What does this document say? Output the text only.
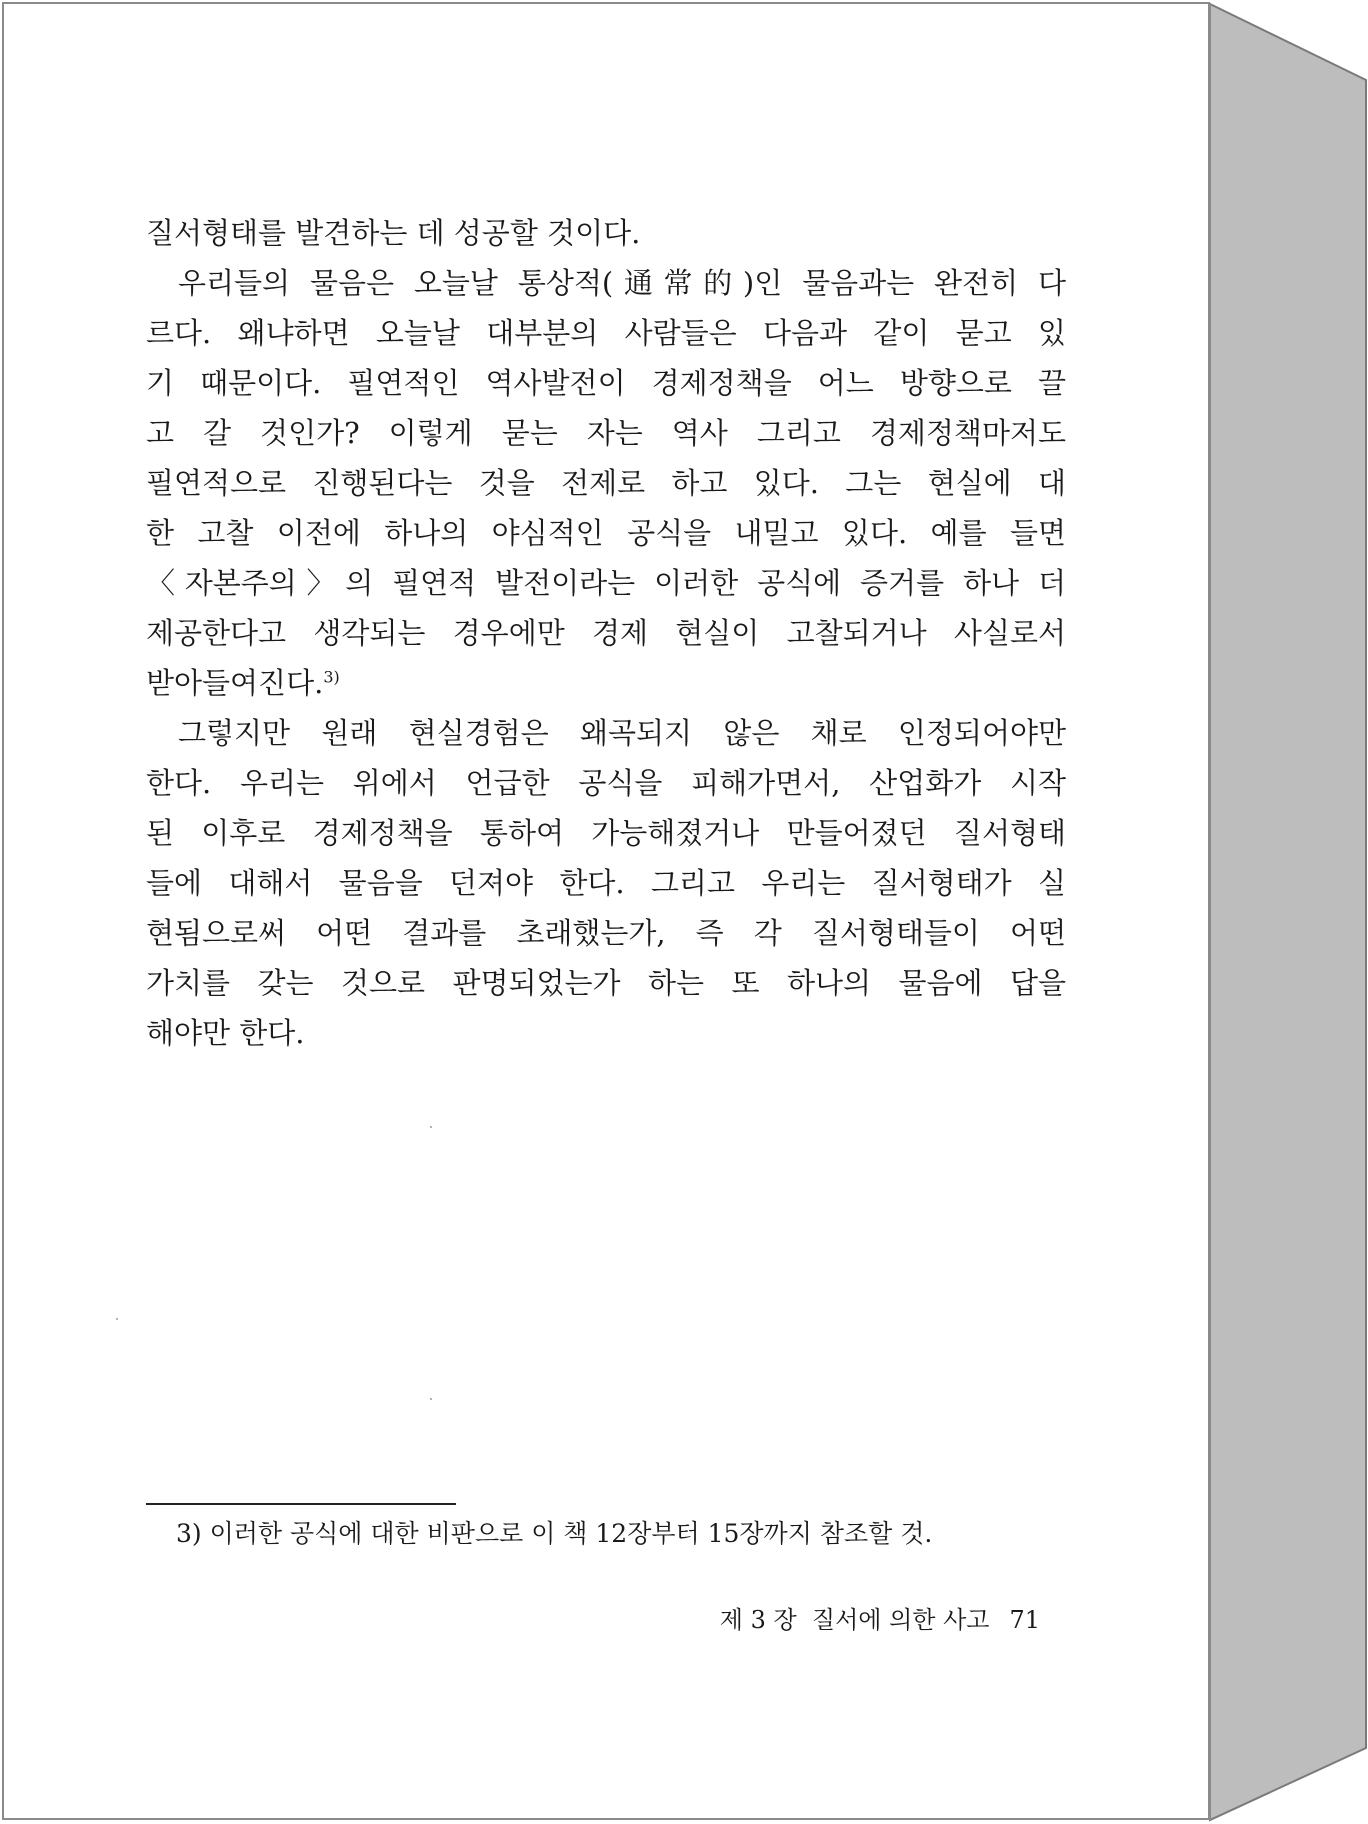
질서형태를 발견하는 데 성공할 것이다.
우리들의 물음은 오늘날 통상적(通常的)인 물음과는 완전히 다
르다. 왜냐하면 오늘날 대부분의 사람들은 다음과 같이 묻고 있
기 때문이다. 필연적인 역사발전이 경제정책을 어느 방향으로 끌
고 갈 것인가? 이렇게 묻는 자는 역사 그리고 경제정책마저도
필연적으로 진행된다는 것을 전제로 하고 있다. 그는 현실에 대
한 고찰 이전에 하나의 야심적인 공식을 내밀고 있다. 예를 들면
〈자본주의〉의 필연적 발전이라는 이러한 공식에 증거를 하나 더
제공한다고 생각되는 경우에만 경제 현실이 고찰되거나 사실로서
받아들여진다.$^{3)}$
그렇지만 원래 현실경험은 왜곡되지 않은 채로 인정되어야만
한다. 우리는 위에서 언급한 공식을 피해가면서, 산업화가 시작
된 이후로 경제정책을 통하여 가능해졌거나 만들어졌던 질서형태
들에 대해서 물음을 던져야 한다. 그리고 우리는 질서형태가 실
현됨으로써 어떤 결과를 초래했는가, 즉 각 질서형태들이 어떤
가치를 갖는 것으로 판명되었는가 하는 또 하나의 물음에 답을
해야만 한다.
3) 이러한 공식에 대한 비판으로 이 책 12장부터 15장까지 참조할 것.
제 3 장  질서에 의한 사고 71
